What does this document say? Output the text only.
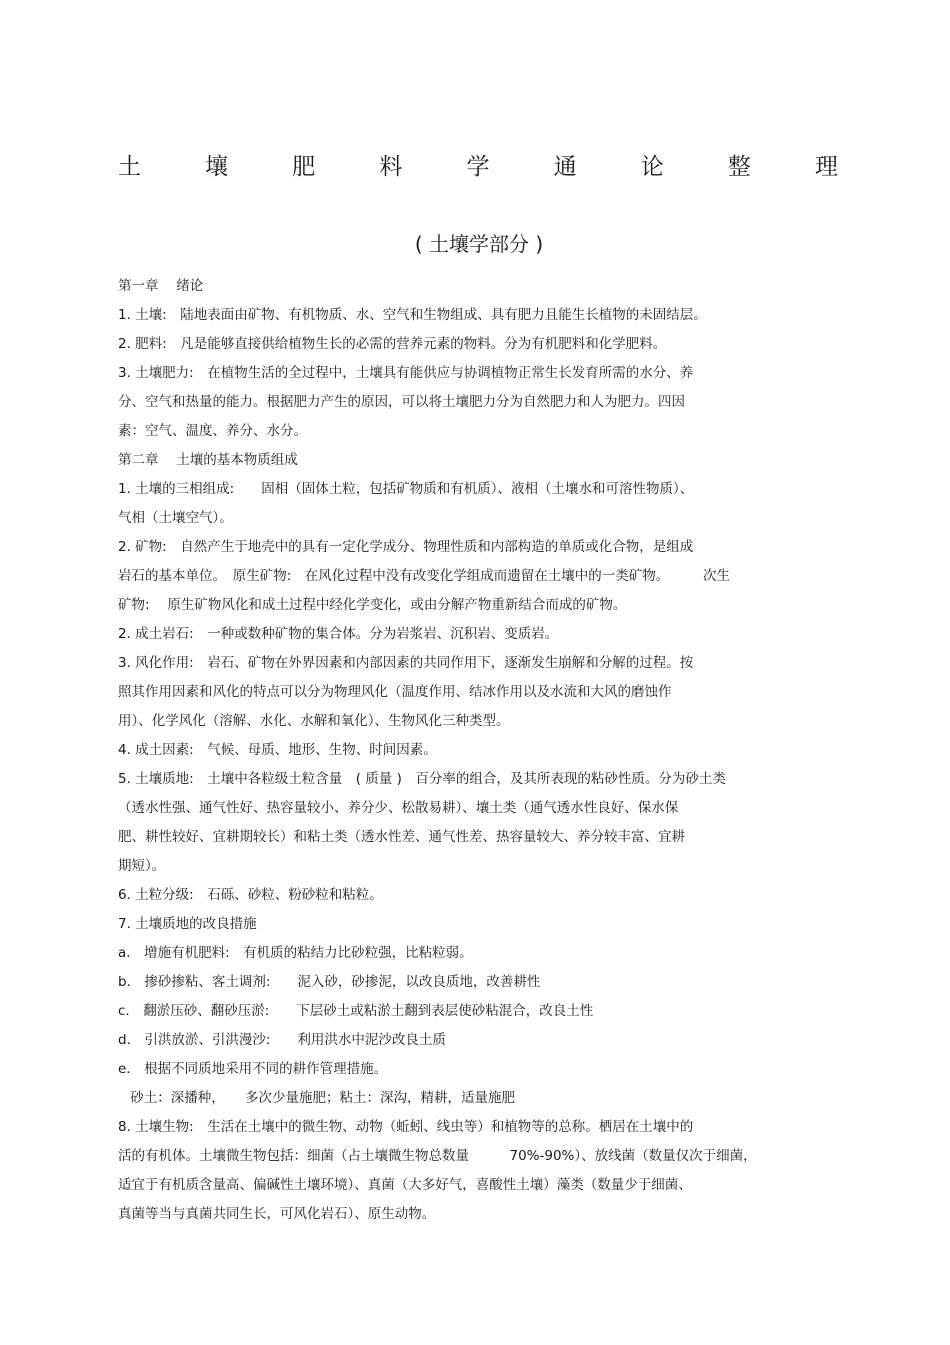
土	壤	肥	料	学	通	论	整	理
( 土壤学部分 )
第一章　 绪论
1. 土壤:　陆地表面由矿物、有机物质、水、空气和生物组成、具有肥力且能生长植物的未固结层。
2. 肥料:　凡是能够直接供给植物生长的必需的营养元素的物料。分为有机肥料和化学肥料。
3. 土壤肥力:　在植物生活的全过程中，土壤具有能供应与协调植物正常生长发育所需的水分、养
分、空气和热量的能力。根据肥力产生的原因，可以将土壤肥力分为自然肥力和人为肥力。四因
素：空气、温度、养分、水分。
第二章　 土壤的基本物质组成
1. 土壤的三相组成:　　固相（固体土粒，包括矿物质和有机质）、液相（土壤水和可溶性物质）、
气相（土壤空气）。
2. 矿物:　自然产生于地壳中的具有一定化学成分、物理性质和内部构造的单质或化合物，是组成
岩石的基本单位。　原生矿物:　在风化过程中没有改变化学组成而遗留在土壤中的一类矿物。　　　次生
矿物:　 原生矿物风化和成土过程中经化学变化，或由分解产物重新结合而成的矿物。
2. 成土岩石:　一种或数种矿物的集合体。分为岩浆岩、沉积岩、变质岩。
3. 风化作用:　岩石、矿物在外界因素和内部因素的共同作用下，逐渐发生崩解和分解的过程。按
照其作用因素和风化的特点可以分为物理风化（温度作用、结冰作用以及水流和大风的磨蚀作
用）、化学风化（溶解、水化、水解和氧化）、生物风化三种类型。
4. 成土因素:　气候、母质、地形、生物、时间因素。
5. 土壤质地:　土壤中各粒级土粒含量　( 质量 )　百分率的组合，及其所表现的粘砂性质。分为砂土类
（透水性强、通气性好、热容量较小、养分少、松散易耕）、壤土类（通气透水性良好、保水保
肥、耕性较好、宜耕期较长）和粘土类（透水性差、通气性差、热容量较大、养分较丰富、宜耕
期短）。
6. 土粒分级:　石砾、砂粒、粉砂粒和粘粒。
7. 土壤质地的改良措施
a.　增施有机肥料:　有机质的粘结力比砂粒强，比粘粒弱。
b.　掺砂掺粘、客土调剂:　　泥入砂，砂掺泥，以改良质地，改善耕性
c.　翻淤压砂、翻砂压淤:　　下层砂土或粘淤土翻到表层使砂粘混合，改良土性
d.　引洪放淤、引洪漫沙:　　利用洪水中泥沙改良土质
e.　根据不同质地采用不同的耕作管理措施。
砂土：深播种，　　多次少量施肥；粘土：深沟，精耕，适量施肥
8. 土壤生物:　生活在土壤中的微生物、动物（蚯蚓、线虫等）和植物等的总称。栖居在土壤中的
活的有机体。土壤微生物包括：细菌（占土壤微生物总数量　　　70%-90%）、放线菌（数量仅次于细菌，
适宜于有机质含量高、偏碱性土壤环境）、真菌（大多好气，喜酸性土壤）藻类（数量少于细菌、
真菌等当与真菌共同生长，可风化岩石）、原生动物。
